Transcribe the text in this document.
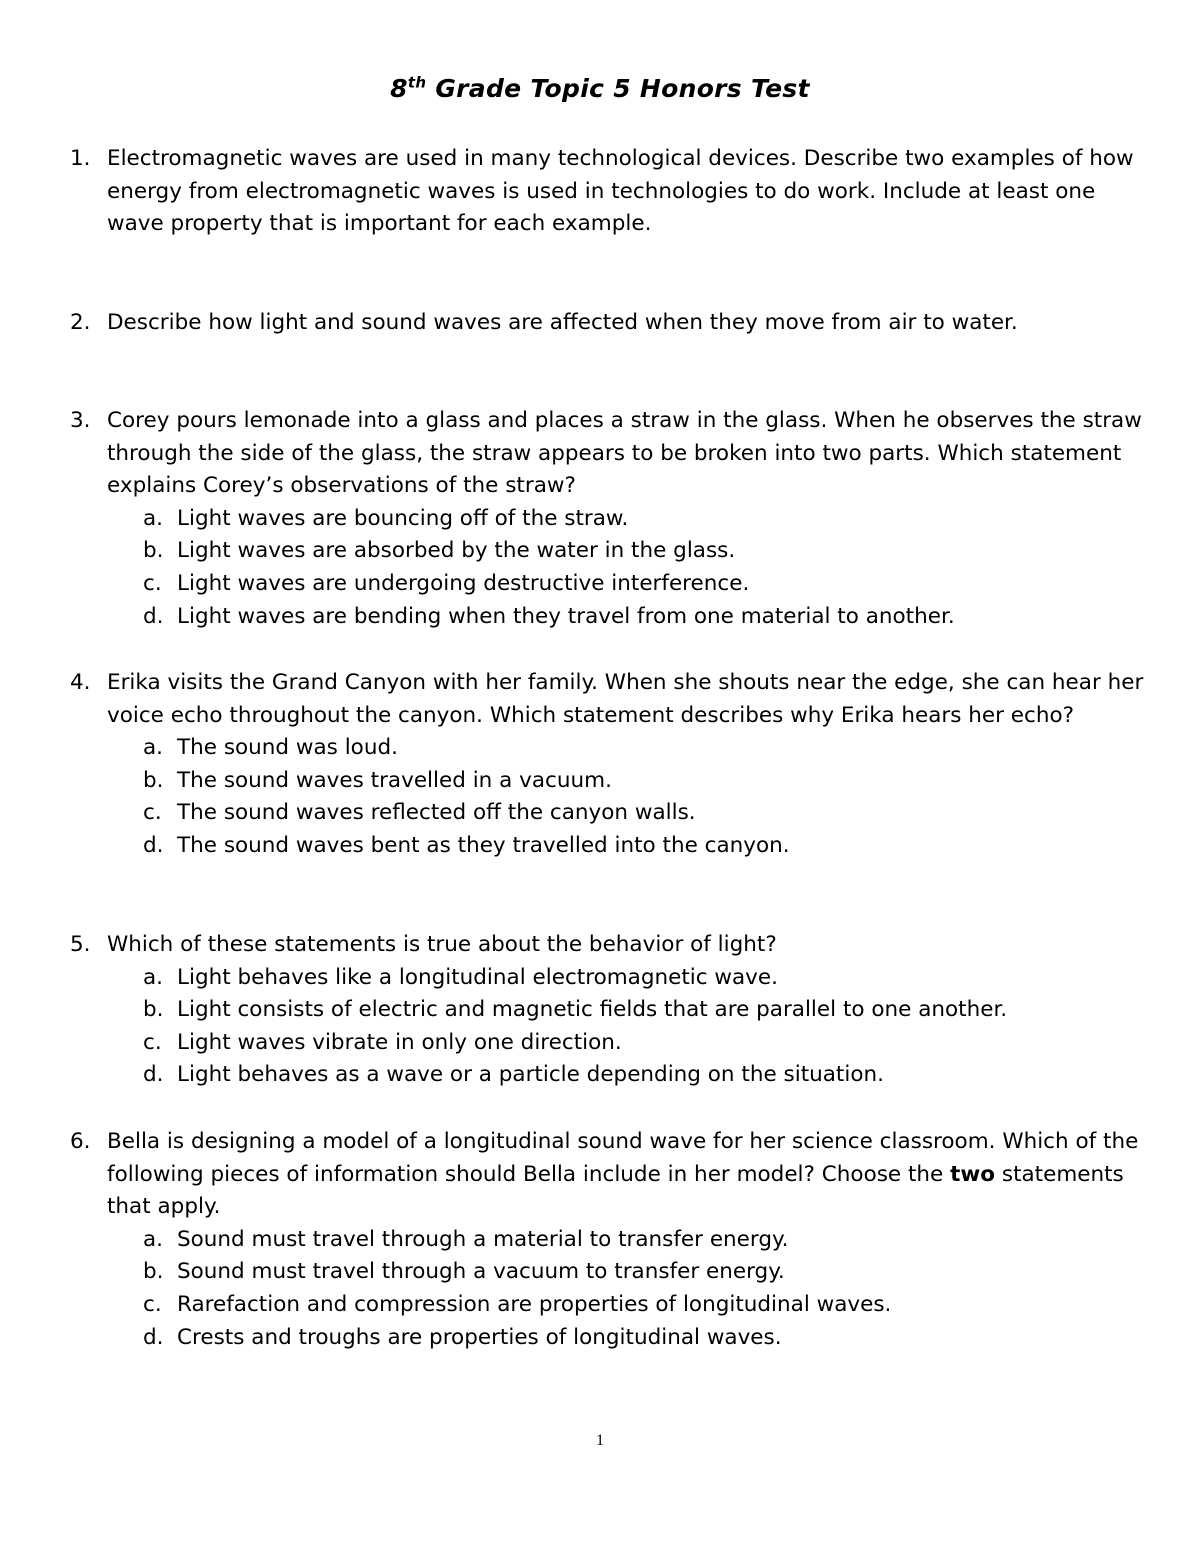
8th Grade Topic 5 Honors Test
1. Electromagnetic waves are used in many technological devices. Describe two examples of how energy from electromagnetic waves is used in technologies to do work. Include at least one wave property that is important for each example.
2. Describe how light and sound waves are affected when they move from air to water.
3. Corey pours lemonade into a glass and places a straw in the glass. When he observes the straw through the side of the glass, the straw appears to be broken into two parts. Which statement explains Corey’s observations of the straw?
a. Light waves are bouncing off of the straw.
b. Light waves are absorbed by the water in the glass.
c. Light waves are undergoing destructive interference.
d. Light waves are bending when they travel from one material to another.
4. Erika visits the Grand Canyon with her family. When she shouts near the edge, she can hear her voice echo throughout the canyon. Which statement describes why Erika hears her echo?
a. The sound was loud.
b. The sound waves travelled in a vacuum.
c. The sound waves reflected off the canyon walls.
d. The sound waves bent as they travelled into the canyon.
5. Which of these statements is true about the behavior of light?
a. Light behaves like a longitudinal electromagnetic wave.
b. Light consists of electric and magnetic fields that are parallel to one another.
c. Light waves vibrate in only one direction.
d. Light behaves as a wave or a particle depending on the situation.
6. Bella is designing a model of a longitudinal sound wave for her science classroom. Which of the following pieces of information should Bella include in her model? Choose the two statements that apply.
a. Sound must travel through a material to transfer energy.
b. Sound must travel through a vacuum to transfer energy.
c. Rarefaction and compression are properties of longitudinal waves.
d. Crests and troughs are properties of longitudinal waves.
1
